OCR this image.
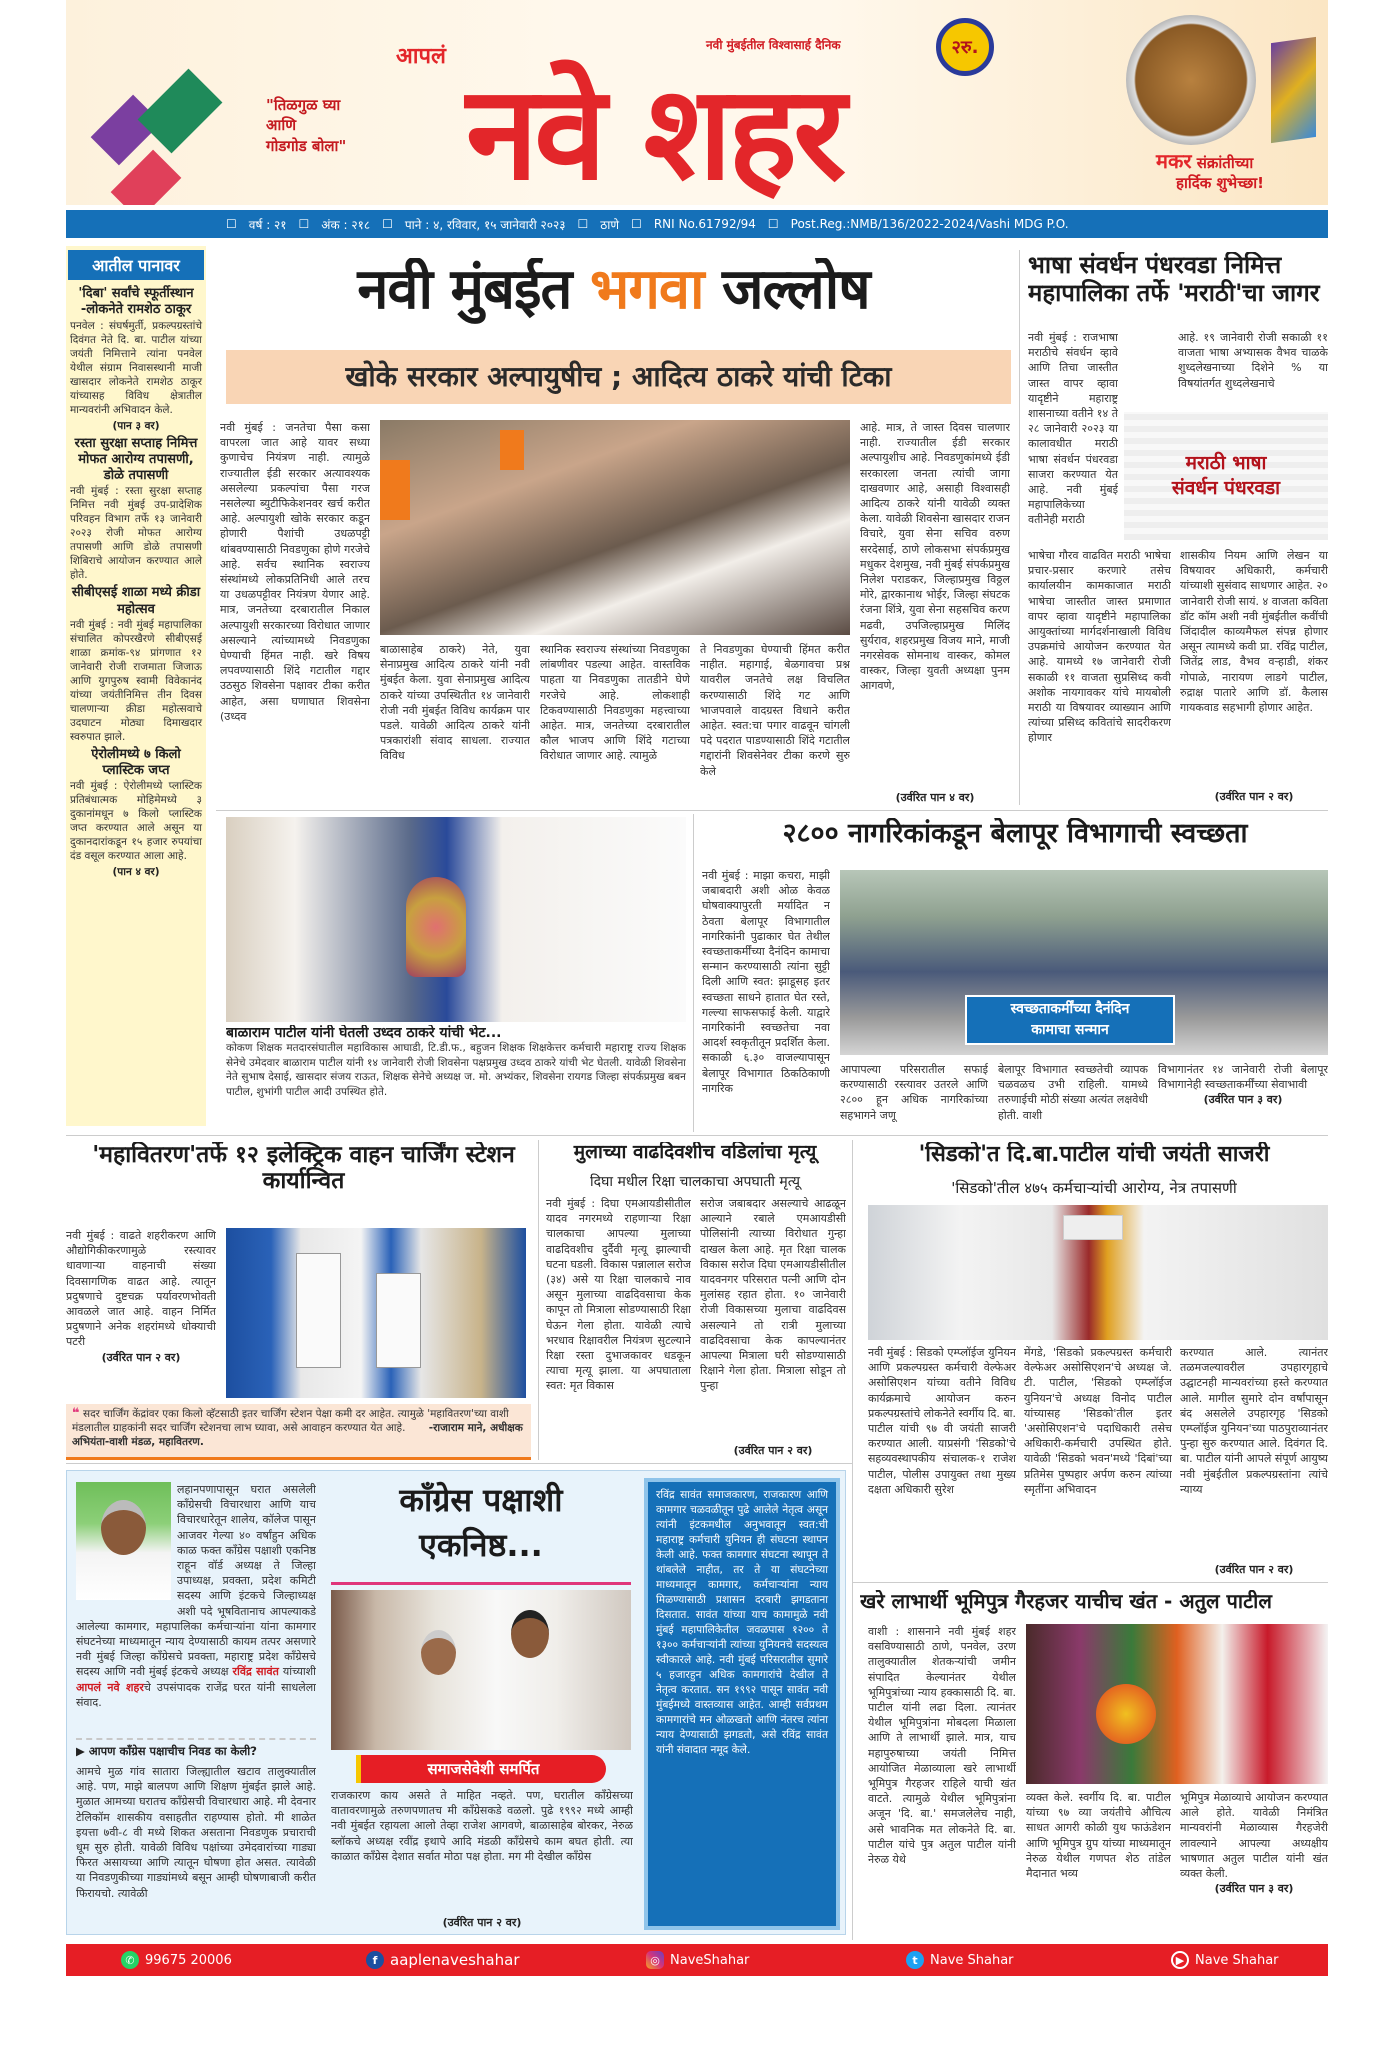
"तिळगुळ घ्या
आणि
गोडगोड बोला"
आपलं
नवे शहर
नवी मुंबईतील विश्वासार्ह दैनिक	२रु.
मकर संक्रांतीच्या
हार्दिक शुभेच्छा!
☐ वर्ष : २१ ☐ अंक : २१८ ☐ पाने : ४, रविवार, १५ जानेवारी २०२३ ☐ ठाणे ☐ RNI No.61792/94 ☐ Post.Reg.:NMB/136/2022-2024/Vashi MDG P.O.
आतील पानावर
'दिबा' सर्वांचे स्फूर्तीस्थान -लोकनेते रामशेठ ठाकूर

पनवेल : संघर्षमुर्ती, प्रकल्पग्रस्तांचे दिवंगत नेते दि. बा. पाटील यांच्या जयंती निमित्ताने त्यांना पनवेल येथील संग्राम निवासस्थानी माजी खासदार लोकनेते रामशेठ ठाकूर यांच्यासह विविध क्षेत्रातील मान्यवरांनी अभिवादन केले.

(पान ३ वर)
रस्ता सुरक्षा सप्ताह निमित्त मोफत आरोग्य तपासणी, डोळे तपासणी

नवी मुंबई : रस्ता सुरक्षा सप्ताह निमित्त नवी मुंबई उप-प्रादेशिक परिवहन विभाग तर्फे १३ जानेवारी २०२३ रोजी मोफत आरोग्य तपासणी आणि डोळे तपासणी शिबिराचे आयोजन करण्यात आले होते.

सीबीएसई शाळा मध्ये क्रीडा महोत्सव

नवी मुंबई : नवी मुंबई महापालिका संचालित कोपरखैरणे सीबीएसई शाळा क्रमांक-९४ प्रांगणात १२ जानेवारी रोजी राजमाता जिजाऊ आणि युगपुरुष स्वामी विवेकानंद यांच्या जयंतीनिमित्त तीन दिवस चालणाऱ्या क्रीडा महोत्सवाचे उदघाटन मोठ्या दिमाखदार स्वरुपात झाले.

ऐरोलीमध्ये ७ किलो प्लास्टिक जप्त

नवी मुंबई : ऐरोलीमध्ये प्लास्टिक प्रतिबंधात्मक मोहिमेमध्ये ३ दुकानांमधून ७ किलो प्लास्टिक जप्त करण्यात आले असून या दुकानदारांकडून १५ हजार रुपयांचा दंड वसूल करण्यात आला आहे.

(पान ४ वर)
नवी मुंबईत भगवा जल्लोष
खोके सरकार अल्पायुषीच ; आदित्य ठाकरे यांची टिका
नवी मुंबई : जनतेचा पैसा कसा वापरला जात आहे यावर सध्या कुणाचेच नियंत्रण नाही. त्यामुळे राज्यातील ईडी सरकार अत्यावश्यक असलेल्या प्रकल्पांचा पैसा गरज नसलेल्या ब्युटीफिकेशनवर खर्च करीत आहे. अल्पायुशी खोके सरकार कडून होणारी पैशांची उधळपट्टी थांबवण्यासाठी निवडणुका होणे गरजेचे आहे. सर्वच स्थानिक स्वराज्य संस्थांमध्ये लोकप्रतिनिधी आले तरच या उधळपट्टीवर नियंत्रण येणार आहे. मात्र, जनतेच्या दरबारातील निकाल अल्पायुशी सरकारच्या विरोधात जाणार असल्याने त्यांच्यामध्ये निवडणुका घेण्याची हिंमत नाही. खरे विषय लपवण्यासाठी शिंदे गटातील गद्दार उठसुठ शिवसेना पक्षावर टीका करीत आहेत, असा घणाघात शिवसेना (उध्दव
बाळासाहेब ठाकरे) नेते, युवा सेनाप्रमुख आदित्य ठाकरे यांनी नवी मुंबईत केला. युवा सेनाप्रमुख आदित्य ठाकरे यांच्या उपस्थितीत १४ जानेवारी रोजी नवी मुंबईत विविध कार्यक्रम पार पडले. यावेळी आदित्य ठाकरे यांनी पत्रकारांशी संवाद साधला. राज्यात विविध
स्थानिक स्वराज्य संस्थांच्या निवडणुका लांबणीवर पडल्या आहेत. वास्तविक पाहता या निवडणुका तातडीने घेणे गरजेचे आहे. लोकशाही टिकवण्यासाठी निवडणुका महत्त्वाच्या आहेत. मात्र, जनतेच्या दरबारातील कौल भाजप आणि शिंदे गटाच्या विरोधात जाणार आहे. त्यामुळे
ते निवडणुका घेण्याची हिंमत करीत नाहीत. महागाई, बेळगावचा प्रश्न यावरील जनतेचे लक्ष विचलित करण्यासाठी शिंदे गट आणि भाजपवाले वादग्रस्त विधाने करीत आहेत. स्वत:चा पगार वाढवून चांगली पदे पदरात पाडण्यासाठी शिंदे गटातील गद्दारांनी शिवसेनेवर टीका करणे सुरु केले
आहे. मात्र, ते जास्त दिवस चालणार नाही. राज्यातील ईडी सरकार अल्पायुशीच आहे. निवडणुकांमध्ये ईडी सरकारला जनता त्यांची जागा दाखवणार आहे, असाही विश्वासही आदित्य ठाकरे यांनी यावेळी व्यक्त केला. यावेळी शिवसेना खासदार राजन विचारे, युवा सेना सचिव वरुण सरदेसाई, ठाणे लोकसभा संपर्कप्रमुख मधुकर देशमुख, नवी मुंबई संपर्कप्रमुख निलेश पराडकर, जिल्हाप्रमुख विठ्ठल मोरे, द्वारकानाथ भोईर, जिल्हा संघटक रंजना शिंत्रे, युवा सेना सहसचिव करण मढवी, उपजिल्हाप्रमुख मिलिंद सुर्यराव, शहरप्रमुख विजय माने, माजी नगरसेवक सोमनाथ वास्कर, कोमल वास्कर, जिल्हा युवती अध्यक्षा पुनम आगवणे,
(उर्वरित पान ४ वर)
भाषा संवर्धन पंधरवडा निमित्त महापालिका तर्फे 'मराठी'चा जागर
नवी मुंबई : राजभाषा मराठीचे संवर्धन व्हावे आणि तिचा जास्तीत जास्त वापर व्हावा यादृष्टीने महाराष्ट्र शासनाच्या वतीने १४ ते २८ जानेवारी २०२३ या कालावधीत मराठी भाषा संवर्धन पंधरवडा साजरा करण्यात येत आहे. नवी मुंबई महापालिकेच्या वतीनेही मराठी
आहे. १९ जानेवारी रोजी सकाळी ११ वाजता भाषा अभ्यासक वैभव चाळके शुध्दलेखनाच्या दिशेने % या विषयांतर्गत शुध्दलेखनाचे
मराठी भाषा
संवर्धन पंधरवडा
भाषेचा गौरव वाढवित मराठी भाषेचा प्रचार-प्रसार करणारे तसेच कार्यालयीन कामकाजात मराठी भाषेचा जास्तीत जास्त प्रमाणात वापर व्हावा यादृष्टीने महापालिका आयुक्तांच्या मार्गदर्शनाखाली विविध उपक्रमांचे आयोजन करण्यात येत आहे. यामध्ये १७ जानेवारी रोजी सकाळी ११ वाजता सुप्रसिध्द कवी अशोक नायगावकर यांचे मायबोली मराठी या विषयावर व्याख्यान आणि त्यांच्या प्रसिध्द कवितांचे सादरीकरण होणार
शासकीय नियम आणि लेखन या विषयावर अधिकारी, कर्मचारी यांच्याशी सुसंवाद साधणार आहेत. २० जानेवारी रोजी सायं. ४ वाजता कविता डॉट कॉम अशी नवी मुंबईतील कवींची जिंदादील काव्यमैफल संपन्न होणार असून त्यामध्ये कवी प्रा. रविंद्र पाटील, जितेंद्र लाड, वैभव वऱ्हाडी, शंकर गोपाळे, नारायण लाडगे पाटील, रुद्राक्ष पातारे आणि डॉ. कैलास गायकवाड सहभागी होणार आहेत.
(उर्वरित पान २ वर)
बाळाराम पाटील यांनी घेतली उध्दव ठाकरे यांची भेट...
कोकण शिक्षक मतदारसंघातील महाविकास आघाडी, टि.डी.फ., बहुजन शिक्षक शिक्षकेत्तर कर्मचारी महाराष्ट्र राज्य शिक्षक सेनेचे उमेदवार बाळाराम पाटील यांनी १४ जानेवारी रोजी शिवसेना पक्षप्रमुख उध्दव ठाकरे यांची भेट घेतली. यावेळी शिवसेना नेते सुभाष देसाई, खासदार संजय राऊत, शिक्षक सेनेचे अध्यक्ष ज. मो. अभ्यंकर, शिवसेना रायगड जिल्हा संपर्कप्रमुख बबन पाटील, शुभांगी पाटील आदी उपस्थित होते.
२८०० नागरिकांकडून बेलापूर विभागाची स्वच्छता
नवी मुंबई : माझा कचरा, माझी जबाबदारी अशी ओळ केवळ घोषवाक्यापुरती मर्यादित न ठेवता बेलापूर विभागातील नागरिकांनी पुढाकार घेत तेथील स्वच्छताकर्मींच्या दैनंदिन कामाचा सन्मान करण्यासाठी त्यांना सुट्टी दिली आणि स्वत: झाडूसह इतर स्वच्छता साधने हातात घेत रस्ते, गल्ल्या साफसफाई केली. याद्वारे नागरिकांनी स्वच्छतेचा नवा आदर्श स्वकृतीतून प्रदर्शित केला. सकाळी ६.३० वाजल्यापासून बेलापूर विभागात ठिकठिकाणी नागरिक
स्वच्छताकर्मींच्या दैनंदिन
कामाचा सन्मान
आपापल्या परिसरातील सफाई करण्यासाठी रस्त्यावर उतरले आणि २८०० हून अधिक नागरिकांच्या सहभागने जणू
बेलापूर विभागात स्वच्छतेची व्यापक चळवळच उभी राहिली. यामध्ये तरुणाईची मोठी संख्या अत्यंत लक्षवेधी होती. वाशी
विभागानंतर १४ जानेवारी रोजी बेलापूर विभागानेही स्वच्छताकर्मींच्या सेवाभावी
(उर्वरित पान ३ वर)
'महावितरण'तर्फे १२ इलेक्ट्रिक वाहन चार्जिंग स्टेशन कार्यान्वित
नवी मुंबई : वाढते शहरीकरण आणि औद्योगिकीकरणामुळे रस्त्यावर धावणाऱ्या वाहनाची संख्या दिवसागणिक वाढत आहे. त्यातून प्रदुषणाचे दुष्टचक्र पर्यावरणभोवती आवळले जात आहे. वाहन निर्मित प्रदुषणाने अनेक शहरांमध्ये धोक्याची पटरी
(उर्वरित पान २ वर)
❝ सदर चार्जिंग केंद्रांवर एका किलो व्हॅटसाठी इतर चार्जिंग स्टेशन पेक्षा कमी दर आहेत. त्यामुळे 'महावितरण'च्या वाशी मंडलातील ग्राहकांनी सदर चार्जिंग स्टेशनचा लाभ घ्यावा, असे आवाहन करण्यात येत आहे. -राजाराम माने, अधीक्षक अभियंता-वाशी मंडळ, महावितरण.
मुलाच्या वाढदिवशीच वडिलांचा मृत्यू
दिघा मधील रिक्षा चालकाचा अपघाती मृत्यू
नवी मुंबई : दिघा एमआयडीसीतील यादव नगरमध्ये राहणाऱ्या रिक्षा चालकाचा आपल्या मुलाच्या वाढदिवशीच दुर्दैवी मृत्यू झाल्याची घटना घडली. विकास पन्नालाल सरोज (३४) असे या रिक्षा चालकाचे नाव असून मुलाच्या वाढदिवसाचा केक कापून तो मित्राला सोडण्यासाठी रिक्षा घेऊन गेला होता. यावेळी त्याचे भरधाव रिक्षावरील नियंत्रण सुटल्याने रिक्षा रस्ता दुभाजकावर धडकून त्याचा मृत्यू झाला. या अपघाताला स्वत: मृत विकास
सरोज जबाबदार असल्याचे आढळून आल्याने रबाले एमआयडीसी पोलिसांनी त्याच्या विरोधात गुन्हा दाखल केला आहे. मृत रिक्षा चालक विकास सरोज दिघा एमआयडीसीतील यादवनगर परिसरात पत्नी आणि दोन मुलांसह रहात होता. १० जानेवारी रोजी विकासच्या मुलाचा वाढदिवस असल्याने तो रात्री मुलाच्या वाढदिवसाचा केक कापल्यानंतर आपल्या मित्राला घरी सोडण्यासाठी रिक्षाने गेला होता. मित्राला सोडून तो पुन्हा
(उर्वरित पान २ वर)
'सिडको'त दि.बा.पाटील यांची जयंती साजरी
'सिडको'तील ४७५ कर्मचाऱ्यांची आरोग्य, नेत्र तपासणी
नवी मुंबई : सिडको एम्प्लॉईज युनियन आणि प्रकल्पग्रस्त कर्मचारी वेल्फेअर असोसिएशन यांच्या वतीने विविध कार्यक्रमाचे आयोजन करुन प्रकल्पग्रस्तांचे लोकनेते स्वर्गीय दि. बा. पाटील यांची ९७ वी जयंती साजरी करण्यात आली. याप्रसंगी 'सिडको'चे सहव्यवस्थापकीय संचालक-१ राजेश पाटील, पोलीस उपायुक्त तथा मुख्य दक्षता अधिकारी सुरेश
मेंगडे, 'सिडको प्रकल्पग्रस्त कर्मचारी वेल्फेअर असोसिएशन'चे अध्यक्ष जे. टी. पाटील, 'सिडको एम्प्लॉईज युनियन'चे अध्यक्ष विनोद पाटील यांच्यासह 'सिडको'तील इतर 'असोसिएशन'चे पदाधिकारी तसेच अधिकारी-कर्मचारी उपस्थित होते. यावेळी 'सिडको भवन'मध्ये 'दिबां'च्या प्रतिमेस पुष्पहार अर्पण करुन त्यांच्या स्मृतींना अभिवादन
करण्यात आले. त्यानंतर तळमजल्यावरील उपहारगृहाचे उद्घाटनही मान्यवरांच्या हस्ते करण्यात आले. मागील सुमारे दोन वर्षांपासून बंद असलेले उपहारगृह 'सिडको एम्प्लॉईज युनियन'च्या पाठपुराव्यानंतर पुन्हा सुरु करण्यात आले. दिवंगत दि. बा. पाटील यांनी आपले संपूर्ण आयुष्य नवी मुंबईतील प्रकल्पग्रस्तांना त्यांचे न्याय्य
(उर्वरित पान २ वर)
लहानपणापासून घरात असलेली कॉंग्रेसची विचारधारा आणि याच विचारधारेतून शालेय, कॉलेज पासून आजवर गेल्या ४० वर्षांहुन अधिक काळ फक्त कॉंग्रेस पक्षाशी एकनिष्ठ राहून वॉर्ड अध्यक्ष ते जिल्हा उपाध्यक्ष, प्रवक्ता, प्रदेश कमिटी सदस्य आणि इंटकचे जिल्हाध्यक्ष अशी पदे भूषवितानाच आपल्याकडे आलेल्या कामगार, महापालिका कर्मचाऱ्यांना यांना कामगार संघटनेच्या माध्यमातून न्याय देण्यासाठी कायम तत्पर असणारे नवी मुंबई जिल्हा कॉंग्रेसचे प्रवक्ता, महाराष्ट्र प्रदेश कॉंग्रेसचे सदस्य आणि नवी मुंबई इंटकचे अध्यक्ष रविंद्र सावंत यांच्याशी आपलं नवे शहरचे उपसंपादक राजेंद्र घरत यांनी साधलेला संवाद.
▶ आपण कॉंग्रेस पक्षाचीच निवड का केली?
आमचे मुळ गांव सातारा जिल्ह्यातील खटाव तालुक्यातील आहे. पण, माझे बालपण आणि शिक्षण मुंबईत झाले आहे. मुळात आमच्या घरातच कॉंग्रेसची विचारधारा आहे. मी देवनार टेलिकॉम शासकीय वसाहतीत राहण्यास होतो. मी शाळेत इयत्ता ७वी-८ वी मध्ये शिकत असताना निवडणुक प्रचाराची धूम सुरु होती. यावेळी विविध पक्षांच्या उमेदवारांच्या गाड्या फिरत असायच्या आणि त्यातून घोषणा होत असत. त्यावेळी या निवडणुकीच्या गाड्यांमध्ये बसून आम्ही घोषणाबाजी करीत फिरायचो. त्यावेळी
कॉंग्रेस पक्षाशी
एकनिष्ठ...
समाजसेवेशी समर्पित
राजकारण काय असते ते माहित नव्हते. पण, घरातील कॉंग्रेसच्या वातावरणामुळे तरुणपणातच मी कॉंग्रेसकडे वळलो. पुढे १९९२ मध्ये आम्ही नवी मुंबईत रहायला आलो तेव्हा राजेश आगवणे, बाळासाहेब बोरकर, नेरुळ ब्लॉकचे अध्यक्ष रवींद्र इथापे आदि मंडळी कॉंग्रेसचे काम बघत होती. त्या काळात कॉंग्रेस देशात सर्वात मोठा पक्ष होता. मग मी देखील कॉंग्रेस
(उर्वरित पान २ वर)
रविंद्र सावंत समाजकारण, राजकारण आणि कामगार चळवळीतून पुढे आलेले नेतृत्व असून त्यांनी इंटकमधील अनुभवातून स्वत:ची महाराष्ट्र कर्मचारी युनियन ही संघटना स्थापन केली आहे. फक्त कामगार संघटना स्थापून ते थांबलेले नाहीत, तर ते या संघटनेच्या माध्यमातून कामगार, कर्मचाऱ्यांना न्याय मिळण्यासाठी प्रशासन दरबारी झगडताना दिसतात. सावंत यांच्या याच कामामुळे नवी मुंबई महापालिकेतील जवळपास १२०० ते १३०० कर्मचाऱ्यांनी त्यांच्या युनियनचे सदस्यत्व स्वीकारले आहे. नवी मुंबई परिसरातील सुमारे ५ हजारहुन अधिक कामगारांचे देखील ते नेतृत्व करतात. सन १९९२ पासून सावंत नवी मुंबईमध्ये वास्तव्यास आहेत. आम्ही सर्वप्रथम कामगारांचे मन ओळखतो आणि नंतरच त्यांना न्याय देण्यासाठी झगडतो, असे रविंद्र सावंत यांनी संवादात नमूद केले.
खरे लाभार्थी भूमिपुत्र गैरहजर याचीच खंत - अतुल पाटील
वाशी : शासनाने नवी मुंबई शहर वसविण्यासाठी ठाणे, पनवेल, उरण तालुक्यातील शेतकऱ्यांची जमीन संपादित केल्यानंतर येथील भूमिपुत्रांच्या न्याय हक्कासाठी दि. बा. पाटील यांनी लढा दिला. त्यानंतर येथील भूमिपुत्रांना मोबदला मिळाला आणि ते लाभार्थी झाले. मात्र, याच महापुरुषाच्या जयंती निमित्त आयोजित मेळाव्याला खरे लाभार्थी भूमिपुत्र गैरहजर राहिले याची खंत वाटते. त्यामुळे येथील भूमिपुत्रांना अजून 'दि. बा.' समजलेलेच नाही, असे भावनिक मत लोकनेते दि. बा. पाटील यांचे पुत्र अतुल पाटील यांनी नेरुळ येथे
व्यक्त केले. स्वर्गीय दि. बा. पाटील यांच्या ९७ व्या जयंतीचे औचित्य साधत आगरी कोळी युथ फाऊंडेशन आणि भूमिपुत्र ग्रुप यांच्या माध्यमातून नेरुळ येथील गणपत शेठ तांडेल मैदानात भव्य
भूमिपुत्र मेळाव्याचे आयोजन करण्यात आले होते. यावेळी निमंत्रित मान्यवरांनी मेळाव्यास गैरहजेरी लावल्याने आपल्या अध्यक्षीय भाषणात अतुल पाटील यांनी खंत व्यक्त केली.
(उर्वरित पान ३ वर)
✆ 99675 20006	f aaplenaveshahar	◎ NaveShahar	t Nave Shahar	▶ Nave Shahar
